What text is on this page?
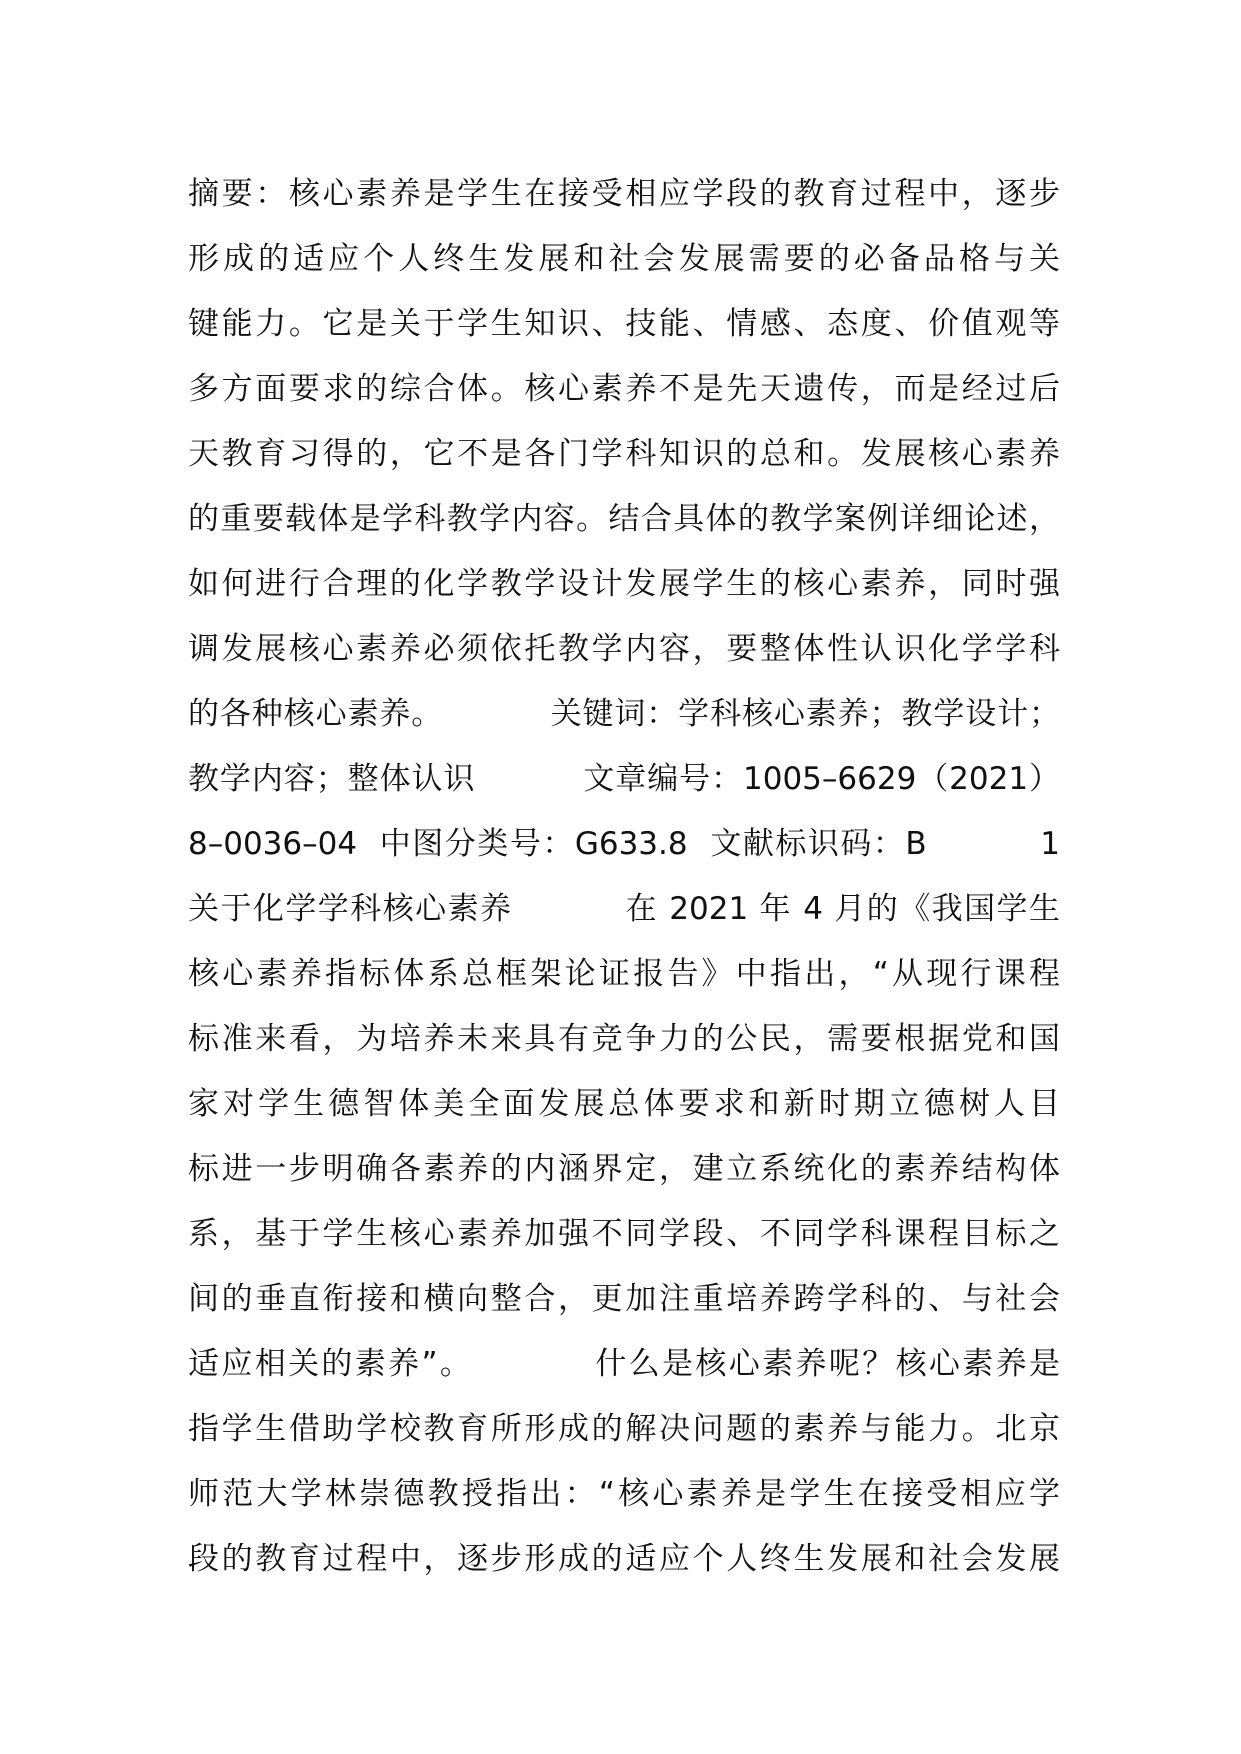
摘要：核心素养是学生在接受相应学段的教育过程中，逐步
形成的适应个人终生发展和社会发展需要的必备品格与关
键能力。它是关于学生知识、技能、情感、态度、价值观等
多方面要求的综合体。核心素养不是先天遗传，而是经过后
天教育习得的，它不是各门学科知识的总和。发展核心素养
的重要载体是学科教学内容。结合具体的教学案例详细论述，
如何进行合理的化学教学设计发展学生的核心素养，同时强
调发展核心素养必须依托教学内容，要整体性认识化学学科
的各种核心素养。          关键词：学科核心素养；教学设计；
教学内容；整体认识          文章编号：1005–6629（2021）
8–0036–04  中图分类号：G633.8  文献标识码：B          1
关于化学学科核心素养          在 2021 年 4 月的《我国学生
核心素养指标体系总框架论证报告》中指出，“从现行课程
标准来看，为培养未来具有竞争力的公民，需要根据党和国
家对学生德智体美全面发展总体要求和新时期立德树人目
标进一步明确各素养的内涵界定，建立系统化的素养结构体
系，基于学生核心素养加强不同学段、不同学科课程目标之
间的垂直衔接和横向整合，更加注重培养跨学科的、与社会
适应相关的素养”。          什么是核心素养呢？核心素养是
指学生借助学校教育所形成的解决问题的素养与能力。北京
师范大学林崇德教授指出：“核心素养是学生在接受相应学
段的教育过程中，逐步形成的适应个人终生发展和社会发展
